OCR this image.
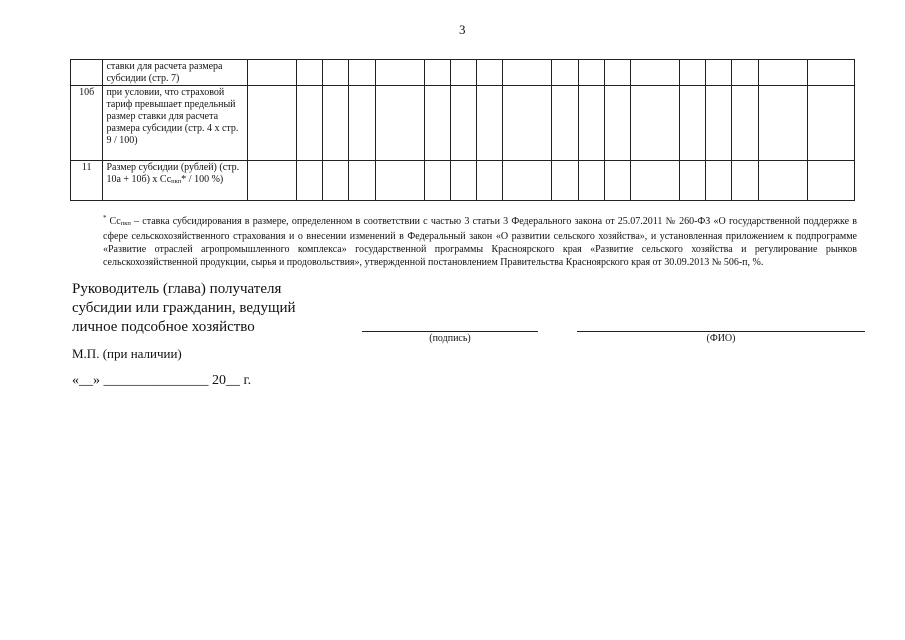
3
	ставки для расчета размера субсидии (стр. 7)																		
10б	при условии, что страховой тариф превышает предельный размер ставки для расчета размера субсидии (стр. 4 x стр. 9 / 100)																		
11	Размер субсидии (рублей) (стр. 10а + 10б) x Сспкп* / 100 %)																		
* Сспкп – ставка субсидирования в размере, определенном в соответствии с частью 3 статьи 3 Федерального закона от 25.07.2011 № 260-ФЗ «О государственной поддержке в сфере сельскохозяйственного страхования и о внесении изменений в Федеральный закон «О развитии сельского хозяйства», и установленная приложением к подпрограмме «Развитие отраслей агропромышленного комплекса» государственной программы Красноярского края «Развитие сельского хозяйства и регулирование рынков сельскохозяйственной продукции, сырья и продовольствия», утвержденной постановлением Правительства Красноярского края от 30.09.2013 № 506-п, %.
Руководитель (глава) получателя
субсидии или гражданин, ведущий
личное подсобное хозяйство
(подпись)	(ФИО)
М.П. (при наличии)
«__» _______________ 20__ г.
